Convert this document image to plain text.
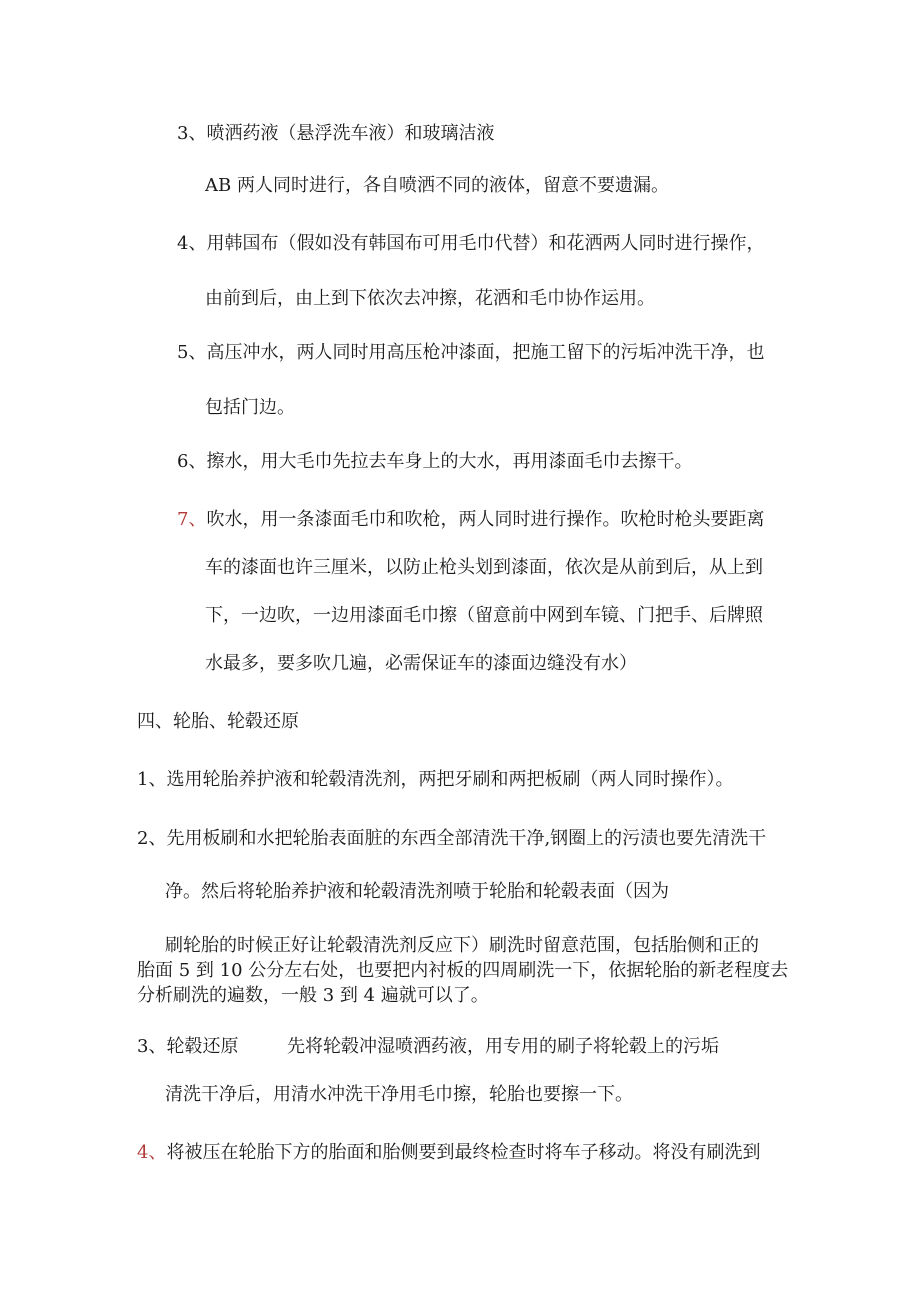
3、喷洒药液（悬浮洗车液）和玻璃洁液

AB 两人同时进行，各自喷洒不同的液体，留意不要遗漏。

4、用韩国布（假如没有韩国布可用毛巾代替）和花洒两人同时进行操作，

由前到后，由上到下依次去冲擦，花洒和毛巾协作运用。

5、高压冲水，两人同时用高压枪冲漆面，把施工留下的污垢冲洗干净，也

包括门边。

6、擦水，用大毛巾先拉去车身上的大水，再用漆面毛巾去擦干。

7、吹水，用一条漆面毛巾和吹枪，两人同时进行操作。吹枪时枪头要距离

车的漆面也许三厘米，以防止枪头划到漆面，依次是从前到后，从上到

下，一边吹，一边用漆面毛巾擦（留意前中网到车镜、门把手、后牌照

水最多，要多吹几遍，必需保证车的漆面边缝没有水）

四、轮胎、轮毂还原

1、选用轮胎养护液和轮毂清洗剂，两把牙刷和两把板刷（两人同时操作）。

2、先用板刷和水把轮胎表面脏的东西全部清洗干净,钢圈上的污渍也要先清洗干

净。然后将轮胎养护液和轮毂清洗剂喷于轮胎和轮毂表面（因为

刷轮胎的时候正好让轮毂清洗剂反应下）刷洗时留意范围，包括胎侧和正的

胎面 5 到 10 公分左右处，也要把内衬板的四周刷洗一下，依据轮胎的新老程度去

分析刷洗的遍数，一般 3 到 4 遍就可以了。

3、轮毂还原	先将轮毂冲湿喷洒药液，用专用的刷子将轮毂上的污垢

清洗干净后，用清水冲洗干净用毛巾擦，轮胎也要擦一下。

4、将被压在轮胎下方的胎面和胎侧要到最终检查时将车子移动。将没有刷洗到
